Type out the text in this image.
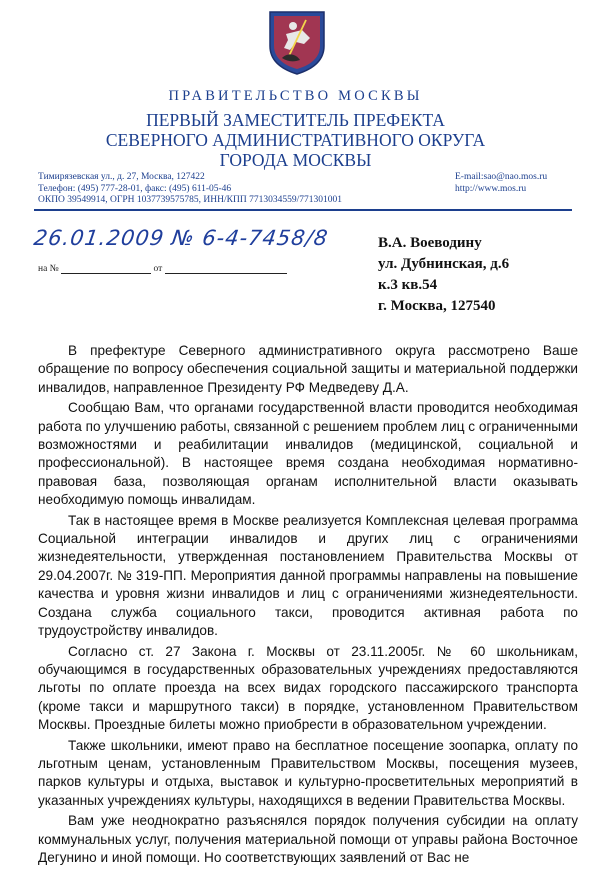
ПРАВИТЕЛЬСТВО МОСКВЫ
ПЕРВЫЙ ЗАМЕСТИТЕЛЬ ПРЕФЕКТА
СЕВЕРНОГО АДМИНИСТРАТИВНОГО ОКРУГА
ГОРОДА МОСКВЫ
Тимирязевская ул., д. 27, Москва, 127422
Телефон: (495) 777-28-01, факс: (495) 611-05-46
ОКПО 39549914, ОГРН 1037739575785, ИНН/КПП 7713034559/771301001
E-mail:sao@nao.mos.ru
http://www.mos.ru
26.01.2009 № 6-4-7458/8
на №	от
В.А. Воеводину
ул. Дубнинская, д.6
к.3 кв.54
г. Москва, 127540

В префектуре Северного административного округа рассмотрено Ваше обращение по вопросу обеспечения социальной защиты и материальной поддержки инвалидов, направленное Президенту РФ Медведеву Д.А.

Сообщаю Вам, что органами государственной власти проводится необходимая работа по улучшению работы, связанной с решением проблем лиц с ограниченными возможностями и реабилитации инвалидов (медицинской, социальной и профессиональной). В настоящее время создана необходимая нормативно-правовая база, позволяющая органам исполнительной власти оказывать необходимую помощь инвалидам.

Так в настоящее время в Москве реализуется Комплексная целевая программа Социальной интеграции инвалидов и других лиц с ограничениями жизнедеятельности, утвержденная постановлением Правительства Москвы от 29.04.2007г. № 319-ПП. Мероприятия данной программы направлены на повышение качества и уровня жизни инвалидов и лиц с ограничениями жизнедеятельности. Создана служба социального такси, проводится активная работа по трудоустройству инвалидов.

Согласно ст. 27 Закона г. Москвы от 23.11.2005г. № 60 школьникам, обучающимся в государственных образовательных учреждениях предоставляются льготы по оплате проезда на всех видах городского пассажирского транспорта (кроме такси и маршрутного такси) в порядке, установленном Правительством Москвы. Проездные билеты можно приобрести в образовательном учреждении.

Также школьники, имеют право на бесплатное посещение зоопарка, оплату по льготным ценам, установленным Правительством Москвы, посещения музеев, парков культуры и отдыха, выставок и культурно-просветительных мероприятий в указанных учреждениях культуры, находящихся в ведении Правительства Москвы.

Вам уже неоднократно разъяснялся порядок получения субсидии на оплату коммунальных услуг, получения материальной помощи от управы района Восточное Дегунино и иной помощи. Но соответствующих заявлений от Вас не
